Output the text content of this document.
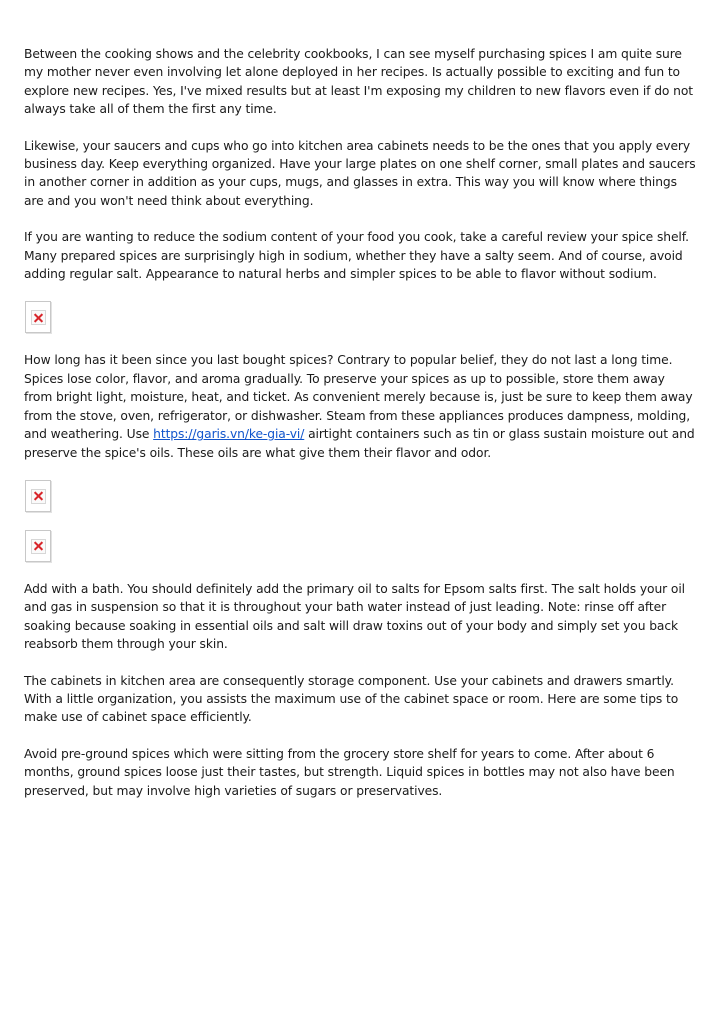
Between the cooking shows and the celebrity cookbooks, I can see myself purchasing spices I am quite sure my mother never even involving let alone deployed in her recipes. Is actually possible to exciting and fun to explore new recipes. Yes, I've mixed results but at least I'm exposing my children to new flavors even if do not always take all of them the first any time.

Likewise, your saucers and cups who go into kitchen area cabinets needs to be the ones that you apply every business day. Keep everything organized. Have your large plates on one shelf corner, small plates and saucers in another corner in addition as your cups, mugs, and glasses in extra. This way you will know where things are and you won't need think about everything.

If you are wanting to reduce the sodium content of your food you cook, take a careful review your spice shelf. Many prepared spices are surprisingly high in sodium, whether they have a salty seem. And of course, avoid adding regular salt. Appearance to natural herbs and simpler spices to be able to flavor without sodium.

How long has it been since you last bought spices? Contrary to popular belief, they do not last a long time. Spices lose color, flavor, and aroma gradually. To preserve your spices as up to possible, store them away from bright light, moisture, heat, and ticket. As convenient merely because is, just be sure to keep them away from the stove, oven, refrigerator, or dishwasher. Steam from these appliances produces dampness, molding, and weathering. Use https://garis.vn/ke-gia-vi/ airtight containers such as tin or glass sustain moisture out and preserve the spice's oils. These oils are what give them their flavor and odor.

Add with a bath. You should definitely add the primary oil to salts for Epsom salts first. The salt holds your oil and gas in suspension so that it is throughout your bath water instead of just leading. Note: rinse off after soaking because soaking in essential oils and salt will draw toxins out of your body and simply set you back reabsorb them through your skin.

The cabinets in kitchen area are consequently storage component. Use your cabinets and drawers smartly. With a little organization, you assists the maximum use of the cabinet space or room. Here are some tips to make use of cabinet space efficiently.

Avoid pre-ground spices which were sitting from the grocery store shelf for years to come. After about 6 months, ground spices loose just their tastes, but strength. Liquid spices in bottles may not also have been preserved, but may involve high varieties of sugars or preservatives.
